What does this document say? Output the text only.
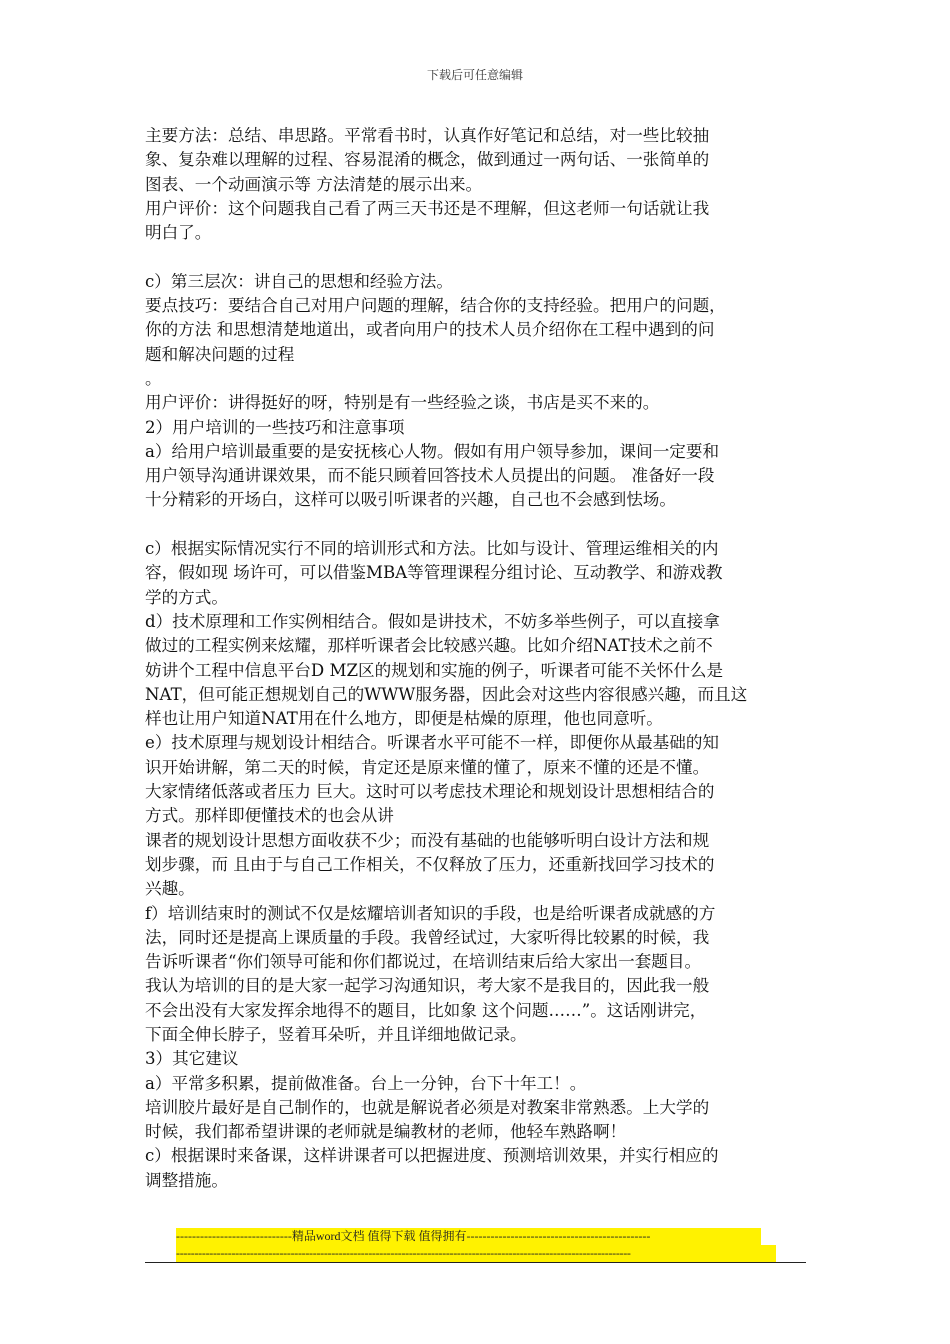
下载后可任意编辑
主要方法：总结、串思路。平常看书时，认真作好笔记和总结，对一些比较抽
象、复杂难以理解的过程、容易混淆的概念，做到通过一两句话、一张简单的
图表、一个动画演示等 方法清楚的展示出来。
用户评价：这个问题我自己看了两三天书还是不理解，但这老师一句话就让我
明白了。
c）第三层次：讲自己的思想和经验方法。
要点技巧：要结合自己对用户问题的理解，结合你的支持经验。把用户的问题，
你的方法 和思想清楚地道出，或者向用户的技术人员介绍你在工程中遇到的问
题和解决问题的过程
。
用户评价：讲得挺好的呀，特别是有一些经验之谈，书店是买不来的。
2）用户培训的一些技巧和注意事项
a）给用户培训最重要的是安抚核心人物。假如有用户领导参加，课间一定要和
用户领导沟通讲课效果，而不能只顾着回答技术人员提出的问题。 准备好一段
十分精彩的开场白，这样可以吸引听课者的兴趣，自己也不会感到怯场。
c）根据实际情况实行不同的培训形式和方法。比如与设计、管理运维相关的内
容，假如现 场许可，可以借鉴MBA等管理课程分组讨论、互动教学、和游戏教
学的方式。
d）技术原理和工作实例相结合。假如是讲技术，不妨多举些例子，可以直接拿
做过的工程实例来炫耀，那样听课者会比较感兴趣。比如介绍NAT技术之前不
妨讲个工程中信息平台D MZ区的规划和实施的例子，听课者可能不关怀什么是
NAT，但可能正想规划自己的WWW服务器，因此会对这些内容很感兴趣，而且这
样也让用户知道NAT用在什么地方，即便是枯燥的原理，他也同意听。
e）技术原理与规划设计相结合。听课者水平可能不一样，即便你从最基础的知
识开始讲解，第二天的时候，肯定还是原来懂的懂了，原来不懂的还是不懂。
大家情绪低落或者压力 巨大。这时可以考虑技术理论和规划设计思想相结合的
方式。那样即便懂技术的也会从讲
课者的规划设计思想方面收获不少；而没有基础的也能够听明白设计方法和规
划步骤，而 且由于与自己工作相关，不仅释放了压力，还重新找回学习技术的
兴趣。
f）培训结束时的测试不仅是炫耀培训者知识的手段，也是给听课者成就感的方
法，同时还是提高上课质量的手段。我曾经试过，大家听得比较累的时候，我
告诉听课者“你们领导可能和你们都说过，在培训结束后给大家出一套题目。
我认为培训的目的是大家一起学习沟通知识，考大家不是我目的，因此我一般
不会出没有大家发挥余地得不的题目，比如象 这个问题……”。这话刚讲完，
下面全伸长脖子，竖着耳朵听，并且详细地做记录。
3）其它建议
a）平常多积累，提前做准备。台上一分钟，台下十年工！。
培训胶片最好是自己制作的，也就是解说者必须是对教案非常熟悉。上大学的
时候，我们都希望讲课的老师就是编教材的老师，他轻车熟路啊！
c）根据课时来备课，这样讲课者可以把握进度、预测培训效果，并实行相应的
调整措施。
-----------------------------精品word文档 值得下载 值得拥有----------------------------------------------
---------------------------------------------------------------------------------------------------------------------------
